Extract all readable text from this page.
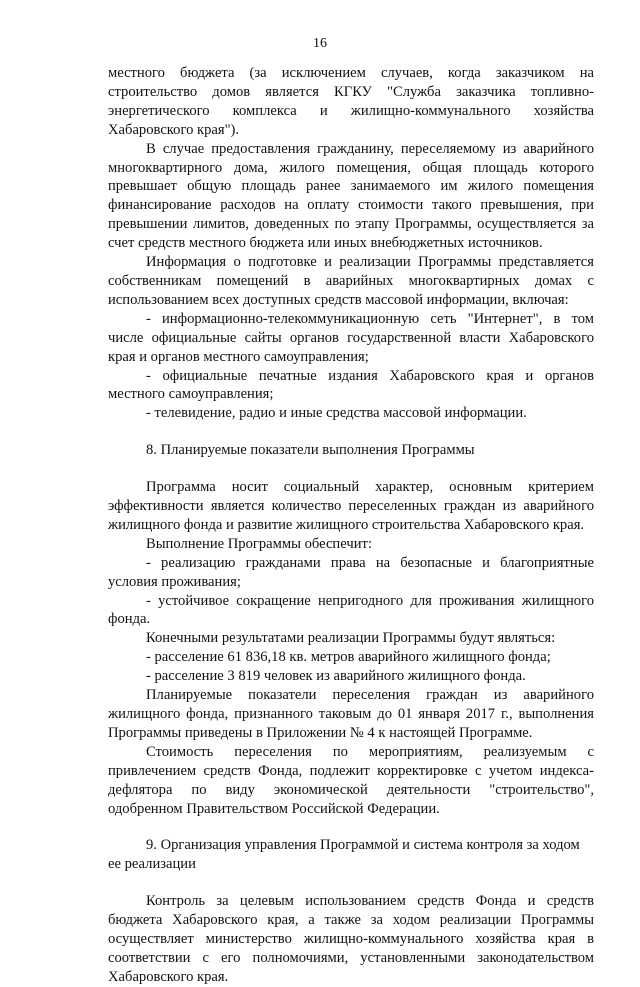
16

местного бюджета (за исключением случаев, когда заказчиком на строительство домов является КГКУ "Служба заказчика топливно-энергетического комплекса и жилищно-коммунального хозяйства Хабаровского края").

В случае предоставления гражданину, переселяемому из аварийного многоквартирного дома, жилого помещения, общая площадь которого превышает общую площадь ранее занимаемого им жилого помещения финансирование расходов на оплату стоимости такого превышения, при превышении лимитов, доведенных по этапу Программы, осуществляется за счет средств местного бюджета или иных внебюджетных источников.

Информация о подготовке и реализации Программы представляется собственникам помещений в аварийных многоквартирных домах с использованием всех доступных средств массовой информации, включая:

- информационно-телекоммуникационную сеть "Интернет", в том числе официальные сайты органов государственной власти Хабаровского края и органов местного самоуправления;

- официальные печатные издания Хабаровского края и органов местного самоуправления;

- телевидение, радио и иные средства массовой информации.

8. Планируемые показатели выполнения Программы

Программа носит социальный характер, основным критерием эффективности является количество переселенных граждан из аварийного жилищного фонда и развитие жилищного строительства Хабаровского края.

Выполнение Программы обеспечит:

- реализацию гражданами права на безопасные и благоприятные условия проживания;

- устойчивое сокращение непригодного для проживания жилищного фонда.

Конечными результатами реализации Программы будут являться:

- расселение 61 836,18 кв. метров аварийного жилищного фонда;

- расселение 3 819 человек из аварийного жилищного фонда.

Планируемые показатели переселения граждан из аварийного жилищного фонда, признанного таковым до 01 января 2017 г., выполнения Программы приведены в Приложении № 4 к настоящей Программе.

Стоимость переселения по мероприятиям, реализуемым с привлечением средств Фонда, подлежит корректировке с учетом индекса-дефлятора по виду экономической деятельности "строительство", одобренном Правительством Российской Федерации.

9. Организация управления Программой и система контроля за ходом ее реализации

Контроль за целевым использованием средств Фонда и средств бюджета Хабаровского края, а также за ходом реализации Программы осуществляет министерство жилищно-коммунального хозяйства края в соответствии с его полномочиями, установленными законодательством Хабаровского края.
